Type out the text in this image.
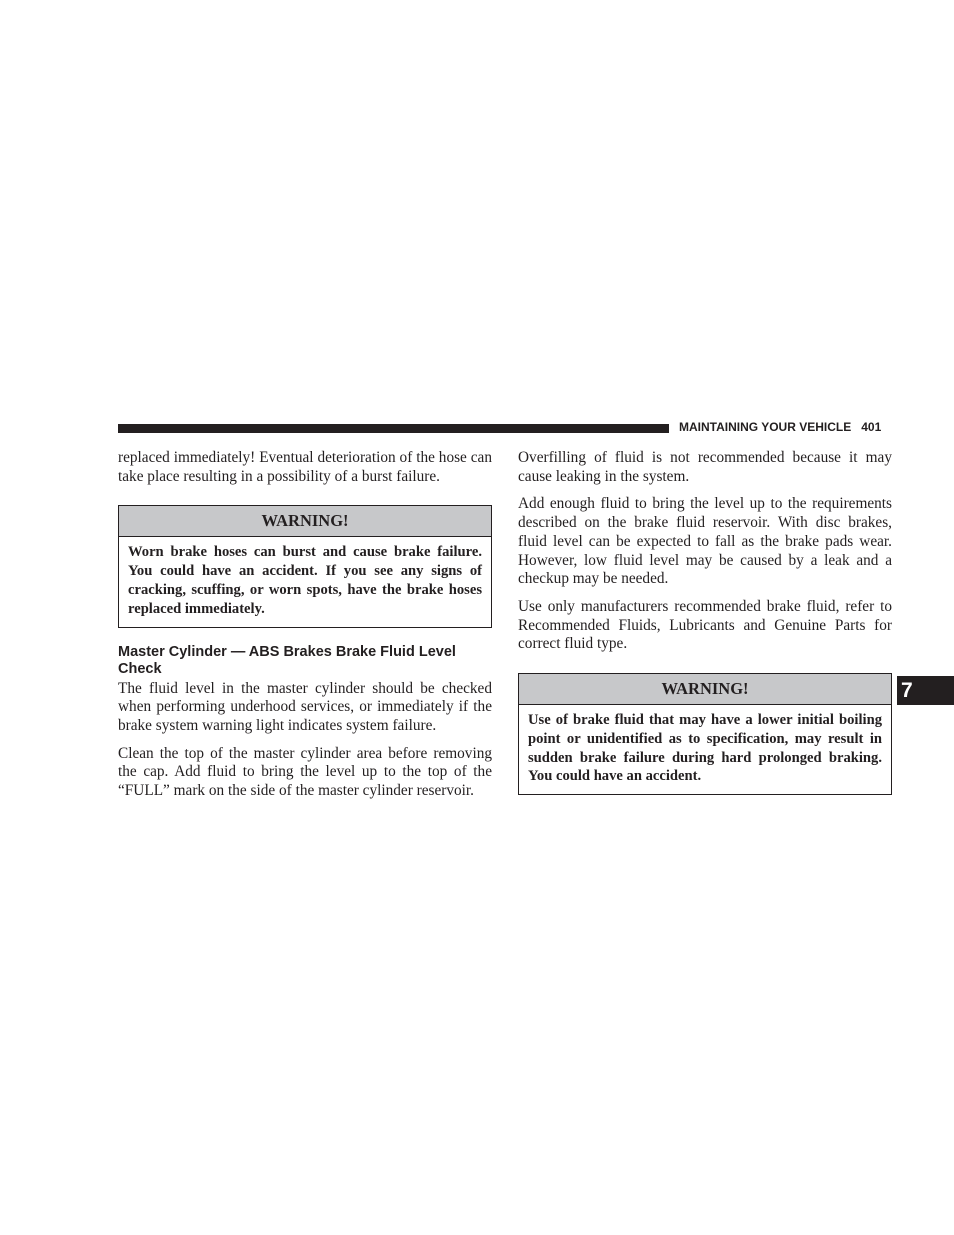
MAINTAINING YOUR VEHICLE 401

replaced immediately! Eventual deterioration of the hose can take place resulting in a possibility of a burst failure.

WARNING!
Worn brake hoses can burst and cause brake failure. You could have an accident. If you see any signs of cracking, scuffing, or worn spots, have the brake hoses replaced immediately.
Master Cylinder — ABS Brakes Brake Fluid Level Check

The fluid level in the master cylinder should be checked when performing underhood services, or immediately if the brake system warning light indicates system failure.

Clean the top of the master cylinder area before removing the cap. Add fluid to bring the level up to the top of the “FULL” mark on the side of the master cylinder reservoir.

Overfilling of fluid is not recommended because it may cause leaking in the system.

Add enough fluid to bring the level up to the requirements described on the brake fluid reservoir. With disc brakes, fluid level can be expected to fall as the brake pads wear. However, low fluid level may be caused by a leak and a checkup may be needed.

Use only manufacturers recommended brake fluid, refer to Recommended Fluids, Lubricants and Genuine Parts for correct fluid type.

WARNING!
Use of brake fluid that may have a lower initial boiling point or unidentified as to specification, may result in sudden brake failure during hard prolonged braking. You could have an accident.
7
